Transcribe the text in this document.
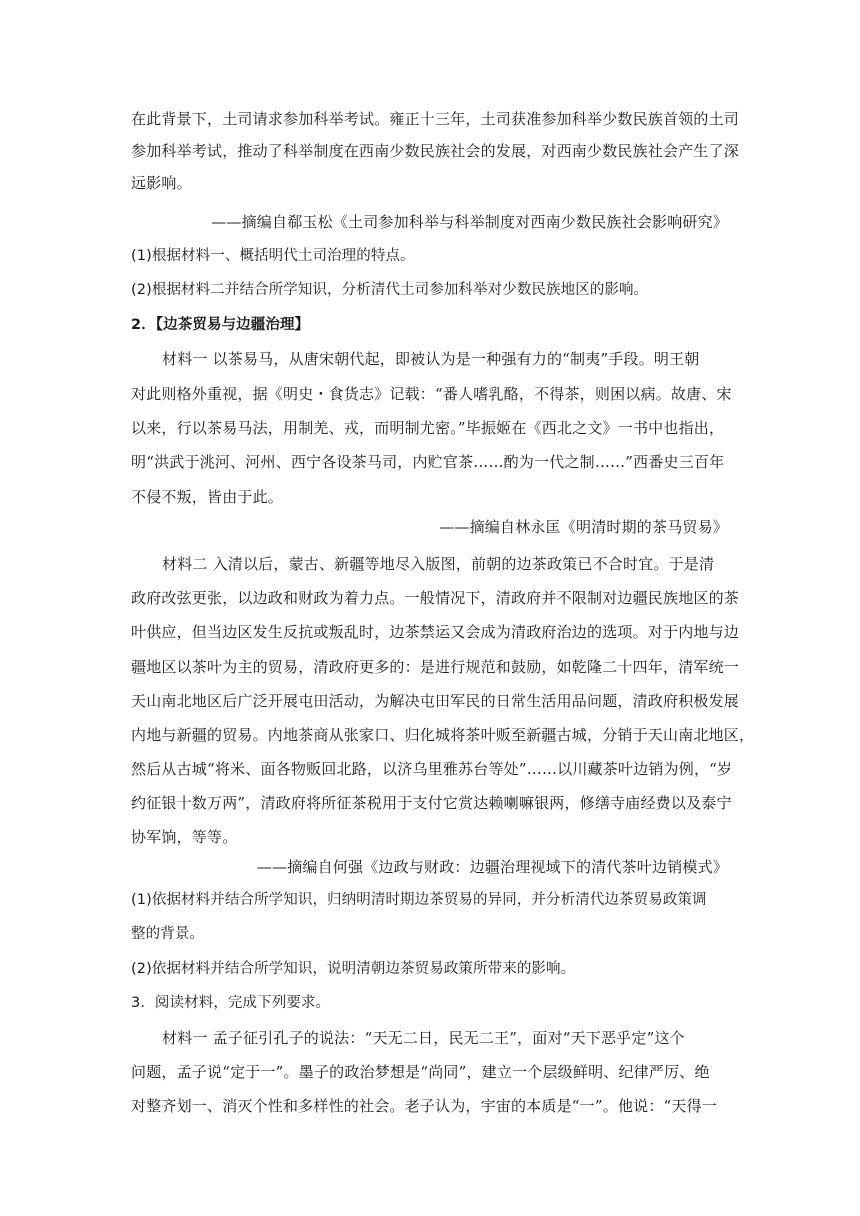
在此背景下，土司请求参加科举考试。雍正十三年，土司获准参加科举少数民族首领的土司
参加科举考试，推动了科举制度在西南少数民族社会的发展，对西南少数民族社会产生了深
远影响。
——摘编自郗玉松《土司参加科举与科举制度对西南少数民族社会影响研究》
(1)根据材料一、概括明代土司治理的特点。
(2)根据材料二并结合所学知识，分析清代土司参加科举对少数民族地区的影响。
2．【边茶贸易与边疆治理】
材料一 以茶易马，从唐宋朝代起，即被认为是一种强有力的“制夷”手段。明王朝
对此则格外重视，据《明史・食货志》记载：“番人嗜乳酪，不得茶，则困以病。故唐、宋
以来，行以茶易马法，用制羌、戎，而明制尤密。”毕振姬在《西北之文》一书中也指出，
明“洪武于洮河、河州、西宁各设茶马司，内贮官茶……酌为一代之制……”西番史三百年
不侵不叛，皆由于此。
——摘编自林永匡《明清时期的茶马贸易》
材料二 入清以后，蒙古、新疆等地尽入版图，前朝的边茶政策已不合时宜。于是清
政府改弦更张，以边政和财政为着力点。一般情况下，清政府并不限制对边疆民族地区的茶
叶供应，但当边区发生反抗或叛乱时，边茶禁运又会成为清政府治边的选项。对于内地与边
疆地区以茶叶为主的贸易，清政府更多的：是进行规范和鼓励，如乾隆二十四年，清军统一
天山南北地区后广泛开展屯田活动，为解决屯田军民的日常生活用品问题，清政府积极发展
内地与新疆的贸易。内地茶商从张家口、归化城将茶叶贩至新疆古城，分销于天山南北地区，
然后从古城“将米、面各物贩回北路，以济乌里雅苏台等处”……以川藏茶叶边销为例，“岁
约征银十数万两”，清政府将所征茶税用于支付它赏达赖喇嘛银两，修缮寺庙经费以及泰宁
协军饷，等等。
——摘编自何强《边政与财政：边疆治理视域下的清代茶叶边销模式》
(1)依据材料并结合所学知识，归纳明清时期边茶贸易的异同，并分析清代边茶贸易政策调
整的背景。
(2)依据材料并结合所学知识，说明清朝边茶贸易政策所带来的影响。
3．阅读材料，完成下列要求。
材料一 孟子征引孔子的说法：“天无二日，民无二王”，面对“天下恶乎定”这个
问题，孟子说“定于一”。墨子的政治梦想是“尚同”，建立一个层级鲜明、纪律严厉、绝
对整齐划一、消灭个性和多样性的社会。老子认为，宇宙的本质是“一”。他说：“天得一
